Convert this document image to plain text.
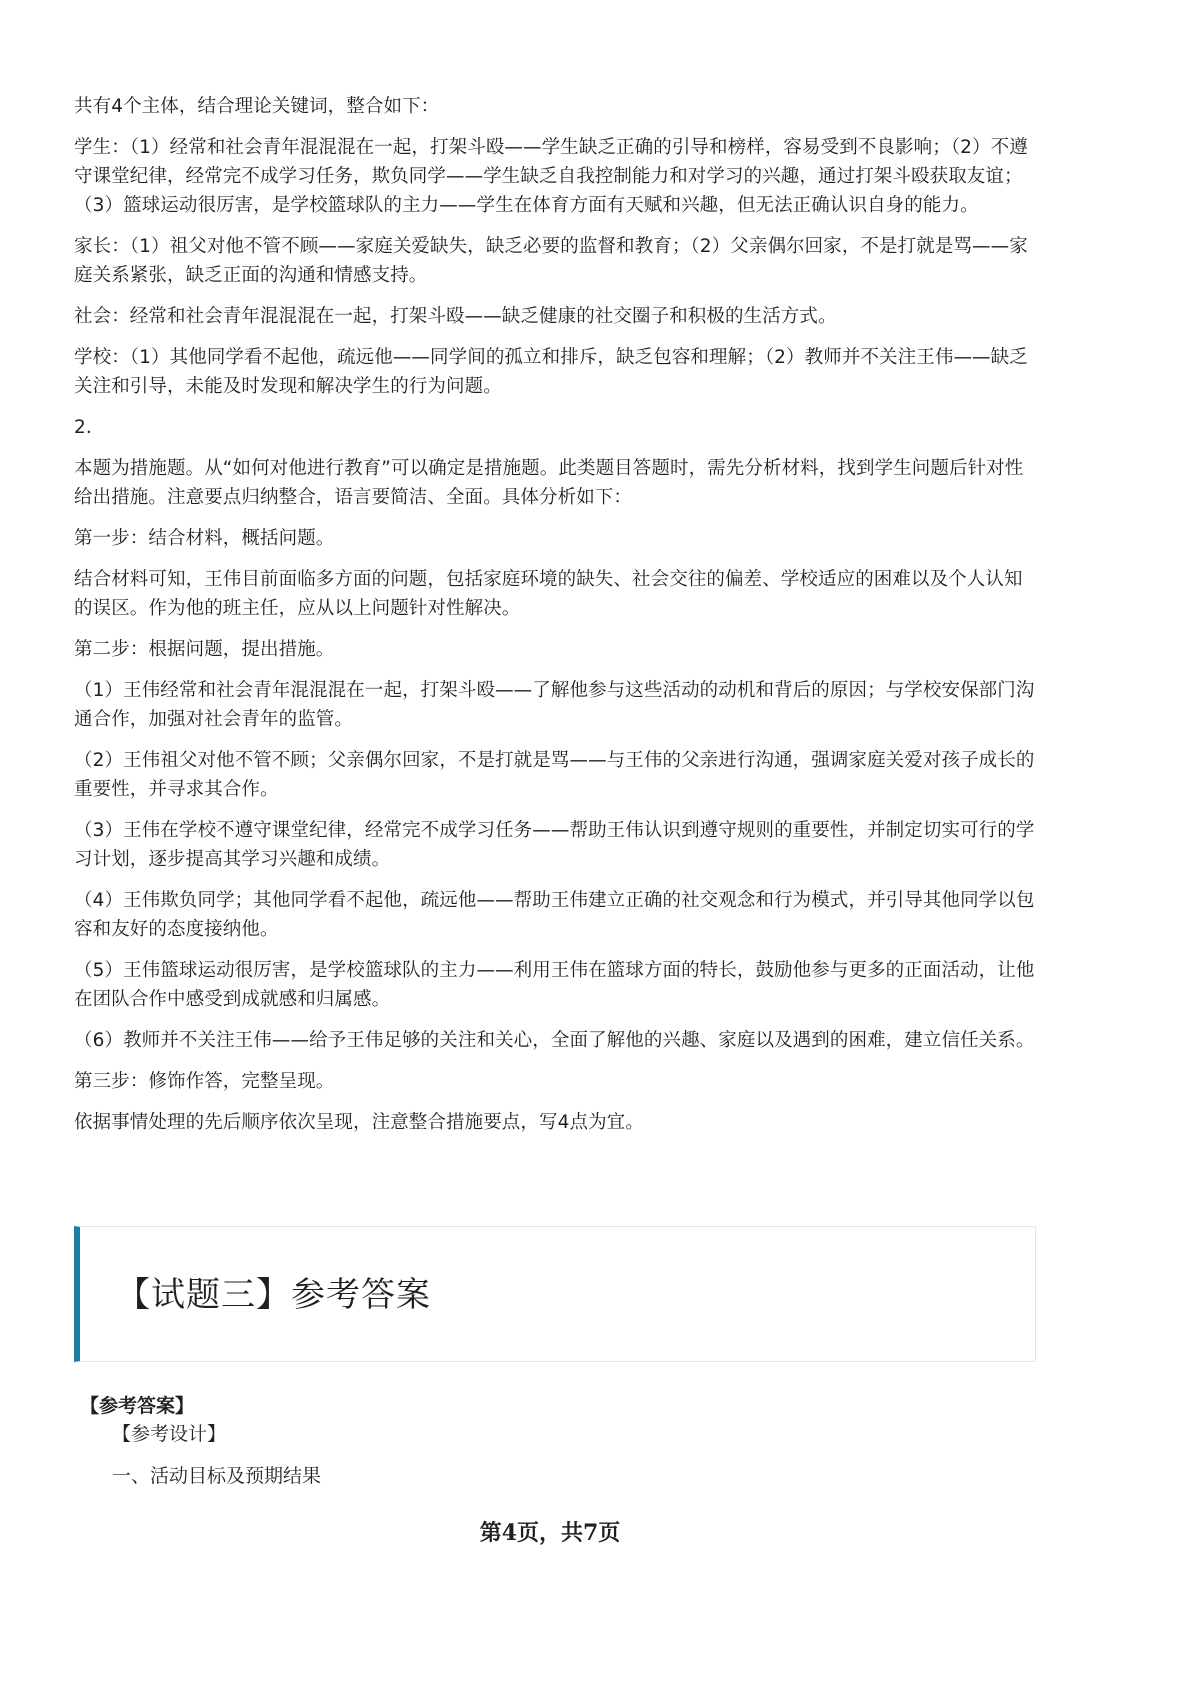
共有4个主体，结合理论关键词，整合如下：

学生：（1）经常和社会青年混混混在一起，打架斗殴——学生缺乏正确的引导和榜样，容易受到不良影响；（2）不遵守课堂纪律，经常完不成学习任务，欺负同学——学生缺乏自我控制能力和对学习的兴趣，通过打架斗殴获取友谊；（3）篮球运动很厉害，是学校篮球队的主力——学生在体育方面有天赋和兴趣，但无法正确认识自身的能力。

家长：（1）祖父对他不管不顾——家庭关爱缺失，缺乏必要的监督和教育；（2）父亲偶尔回家，不是打就是骂——家庭关系紧张，缺乏正面的沟通和情感支持。

社会：经常和社会青年混混混在一起，打架斗殴——缺乏健康的社交圈子和积极的生活方式。

学校：（1）其他同学看不起他，疏远他——同学间的孤立和排斥，缺乏包容和理解；（2）教师并不关注王伟——缺乏关注和引导，未能及时发现和解决学生的行为问题。

2.

本题为措施题。从“如何对他进行教育”可以确定是措施题。此类题目答题时，需先分析材料，找到学生问题后针对性给出措施。注意要点归纳整合，语言要简洁、全面。具体分析如下：

第一步：结合材料，概括问题。

结合材料可知，王伟目前面临多方面的问题，包括家庭环境的缺失、社会交往的偏差、学校适应的困难以及个人认知的误区。作为他的班主任，应从以上问题针对性解决。

第二步：根据问题，提出措施。

（1）王伟经常和社会青年混混混在一起，打架斗殴——了解他参与这些活动的动机和背后的原因；与学校安保部门沟通合作，加强对社会青年的监管。

（2）王伟祖父对他不管不顾；父亲偶尔回家，不是打就是骂——与王伟的父亲进行沟通，强调家庭关爱对孩子成长的重要性，并寻求其合作。

（3）王伟在学校不遵守课堂纪律，经常完不成学习任务——帮助王伟认识到遵守规则的重要性，并制定切实可行的学习计划，逐步提高其学习兴趣和成绩。

（4）王伟欺负同学；其他同学看不起他，疏远他——帮助王伟建立正确的社交观念和行为模式，并引导其他同学以包容和友好的态度接纳他。

（5）王伟篮球运动很厉害，是学校篮球队的主力——利用王伟在篮球方面的特长，鼓励他参与更多的正面活动，让他在团队合作中感受到成就感和归属感。

（6）教师并不关注王伟——给予王伟足够的关注和关心，全面了解他的兴趣、家庭以及遇到的困难，建立信任关系。

第三步：修饰作答，完整呈现。

依据事情处理的先后顺序依次呈现，注意整合措施要点，写4点为宜。

【试题三】参考答案
【参考答案】
【参考设计】
一、活动目标及预期结果
第4页，共7页
